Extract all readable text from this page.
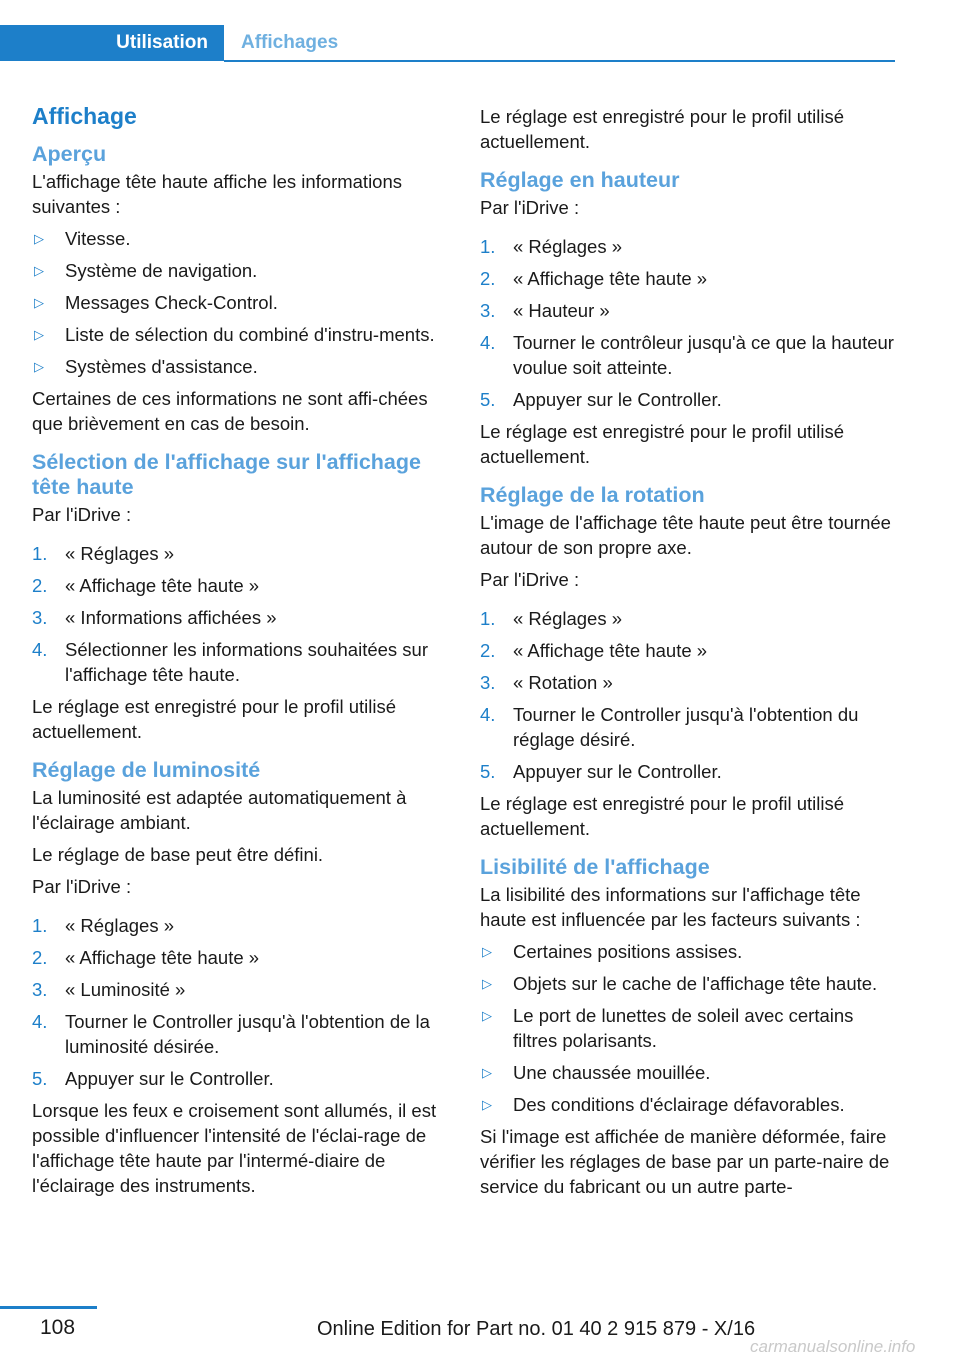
Utilisation	Affichages
Affichage
Aperçu

L'affichage tête haute affiche les informations suivantes :

▷ Vitesse.
▷ Système de navigation.
▷ Messages Check-Control.
▷ Liste de sélection du combiné d'instru-ments.
▷ Systèmes d'assistance.

Certaines de ces informations ne sont affi-chées que brièvement en cas de besoin.

Sélection de l'affichage sur l'affichage tête haute

Par l'iDrive :

1. « Réglages »
2. « Affichage tête haute »
3. « Informations affichées »
4. Sélectionner les informations souhaitées sur l'affichage tête haute.

Le réglage est enregistré pour le profil utilisé actuellement.

Réglage de luminosité

La luminosité est adaptée automatiquement à l'éclairage ambiant.

Le réglage de base peut être défini.

Par l'iDrive :

1. « Réglages »
2. « Affichage tête haute »
3. « Luminosité »
4. Tourner le Controller jusqu'à l'obtention de la luminosité désirée.
5. Appuyer sur le Controller.

Lorsque les feux e croisement sont allumés, il est possible d'influencer l'intensité de l'éclai-rage de l'affichage tête haute par l'intermé-diaire de l'éclairage des instruments.

Le réglage est enregistré pour le profil utilisé actuellement.

Réglage en hauteur

Par l'iDrive :

1. « Réglages »
2. « Affichage tête haute »
3. « Hauteur »
4. Tourner le contrôleur jusqu'à ce que la hauteur voulue soit atteinte.
5. Appuyer sur le Controller.

Le réglage est enregistré pour le profil utilisé actuellement.

Réglage de la rotation

L'image de l'affichage tête haute peut être tournée autour de son propre axe.

Par l'iDrive :

1. « Réglages »
2. « Affichage tête haute »
3. « Rotation »
4. Tourner le Controller jusqu'à l'obtention du réglage désiré.
5. Appuyer sur le Controller.

Le réglage est enregistré pour le profil utilisé actuellement.

Lisibilité de l'affichage

La lisibilité des informations sur l'affichage tête haute est influencée par les facteurs suivants :

▷ Certaines positions assises.
▷ Objets sur le cache de l'affichage tête haute.
▷ Le port de lunettes de soleil avec certains filtres polarisants.
▷ Une chaussée mouillée.
▷ Des conditions d'éclairage défavorables.

Si l'image est affichée de manière déformée, faire vérifier les réglages de base par un parte-naire de service du fabricant ou un autre parte-

108	Online Edition for Part no. 01 40 2 915 879 - X/16
carmanualsonline.info
